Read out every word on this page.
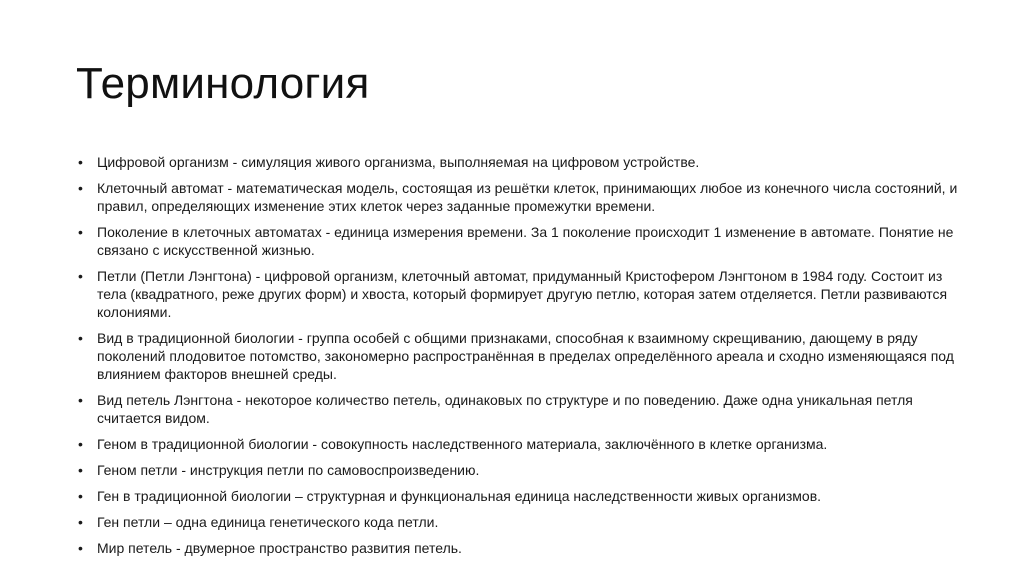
Терминология
• Цифровой организм - симуляция живого организма, выполняемая на цифровом устройстве.
• Клеточный автомат - математическая модель, состоящая из решётки клеток, принимающих любое из конечного числа состояний, и правил, определяющих изменение этих клеток через заданные промежутки времени.
• Поколение в клеточных автоматах - единица измерения времени. За 1 поколение происходит 1 изменение в автомате. Понятие не связано с искусственной жизнью.
• Петли (Петли Лэнгтона) - цифровой организм, клеточный автомат, придуманный Кристофером Лэнгтоном в 1984 году. Состоит из тела (квадратного, реже других форм) и хвоста, который формирует другую петлю, которая затем отделяется. Петли развиваются колониями.
• Вид в традиционной биологии - группа особей с общими признаками, способная к взаимному скрещиванию, дающему в ряду поколений плодовитое потомство, закономерно распространённая в пределах определённого ареала и сходно изменяющаяся под влиянием факторов внешней среды.
• Вид петель Лэнгтона - некоторое количество петель, одинаковых по структуре и по поведению. Даже одна уникальная петля считается видом.
• Геном в традиционной биологии - совокупность наследственного материала, заключённого в клетке организма.
• Геном петли - инструкция петли по самовоспроизведению.
• Ген в традиционной биологии – структурная и функциональная единица наследственности живых организмов.
• Ген петли – одна единица генетического кода петли.
• Мир петель - двумерное пространство развития петель.
